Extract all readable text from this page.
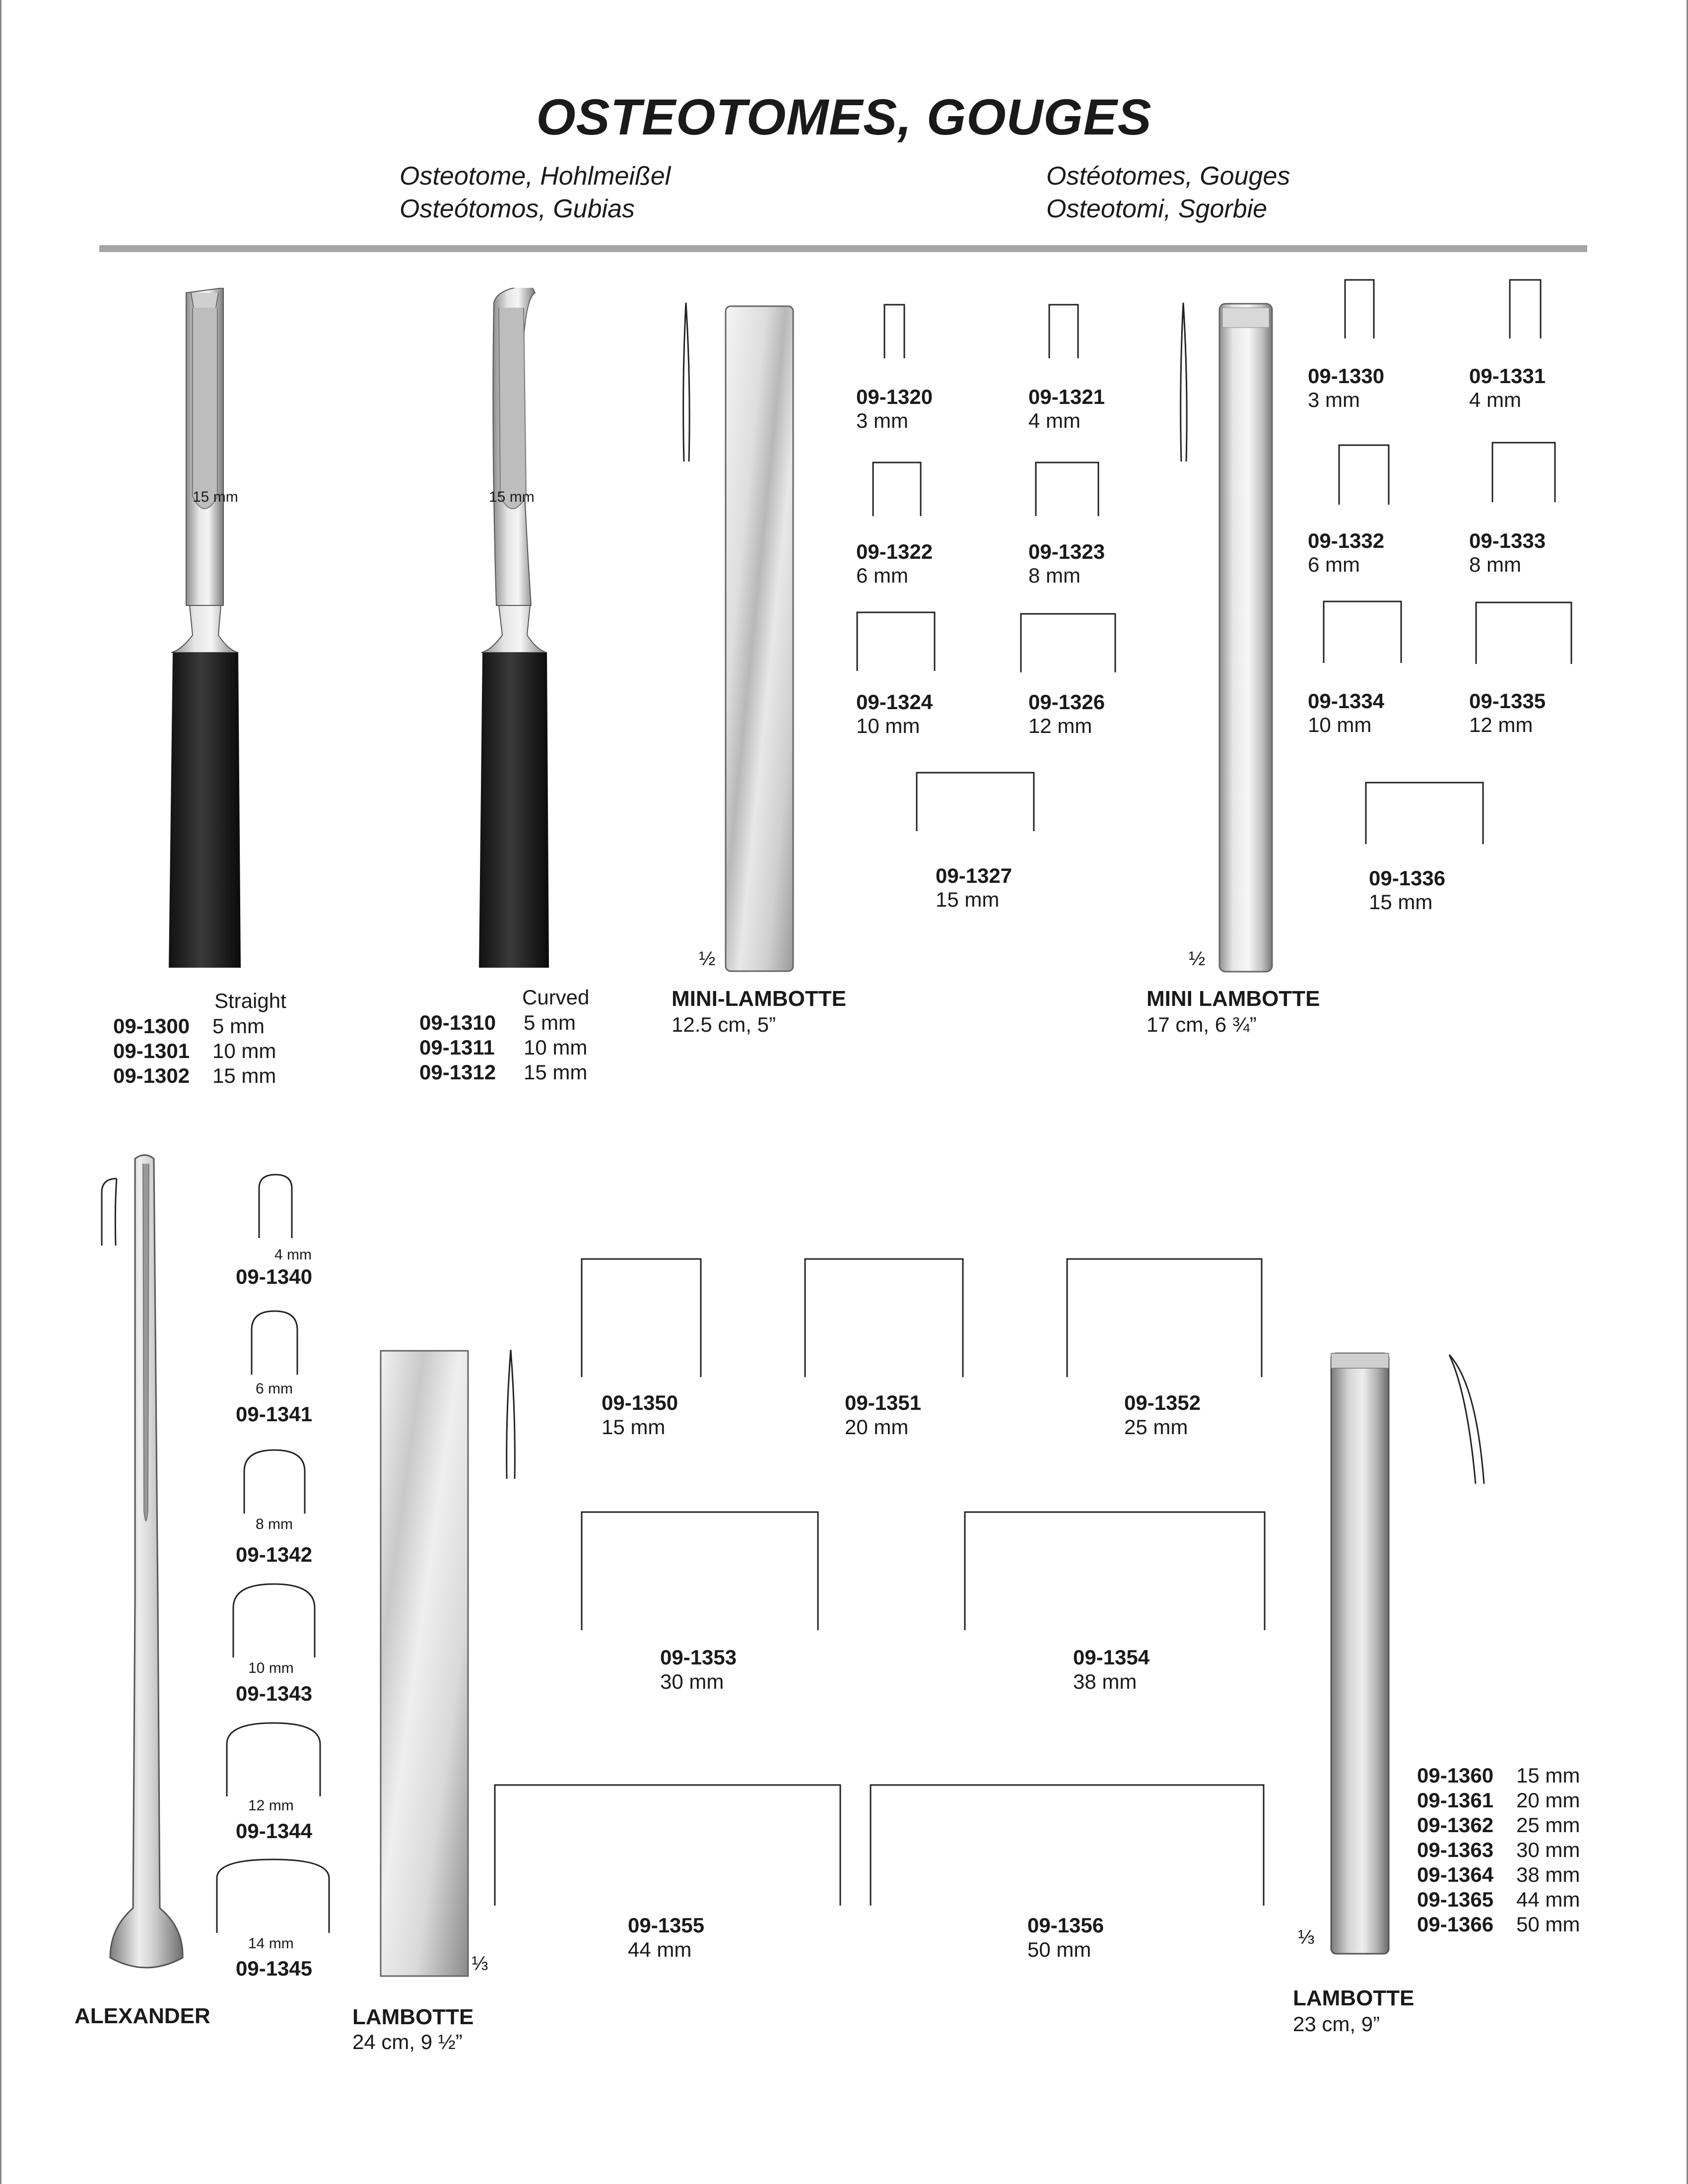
OSTEOTOMES, GOUGES
Osteotome, Hohlmeißel
Osteótomos, Gubias
Ostéotomes, Gouges
Osteotomi, Sgorbie
15 mm
Straight
09-1300	5 mm
09-1301	10 mm
09-1302	15 mm
15 mm
Curved
09-1310	5 mm
09-1311	10 mm
09-1312	15 mm
½
MINI-LAMBOTTE
12.5 cm, 5”
09-1320
3 mm
09-1321
4 mm
09-1322
6 mm
09-1323
8 mm
09-1324
10 mm
09-1326
12 mm
09-1327
15 mm
½
MINI LAMBOTTE
17 cm, 6 ¾”
09-1330
3 mm
09-1331
4 mm
09-1332
6 mm
09-1333
8 mm
09-1334
10 mm
09-1335
12 mm
09-1336
15 mm
ALEXANDER
4 mm
09-1340
6 mm
09-1341
8 mm
09-1342
10 mm
09-1343
12 mm
09-1344
14 mm
09-1345	⅓
LAMBOTTE
24 cm, 9 ½”
09-1350
15 mm
09-1351
20 mm
09-1352
25 mm
09-1353
30 mm
09-1354
38 mm
09-1355
44 mm
09-1356
50 mm
⅓
LAMBOTTE
23 cm, 9”
09-1360	15 mm
09-1361	20 mm
09-1362	25 mm
09-1363	30 mm
09-1364	38 mm
09-1365	44 mm
09-1366	50 mm
